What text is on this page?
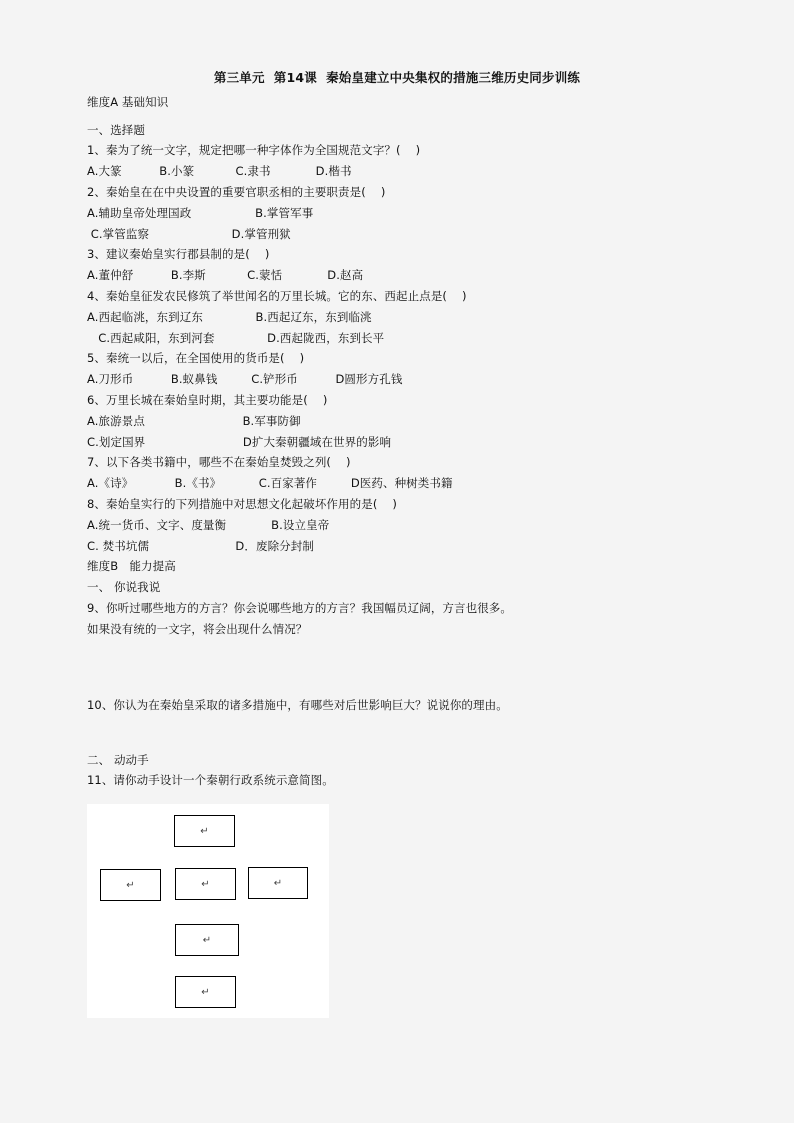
第三单元  第14课  秦始皇建立中央集权的措施三维历史同步训练
维度A 基础知识
一、选择题
1、秦为了统一文字，规定把哪一种字体作为全国规范文字？(    )
A.大篆          B.小篆           C.隶书            D.楷书
2、秦始皇在在中央设置的重要官职丞相的主要职责是(    )
A.辅助皇帝处理国政                 B.掌管军事
C.掌管监察                      D.掌管刑狱
3、建议秦始皇实行郡县制的是(    )
A.董仲舒          B.李斯           C.蒙恬            D.赵高
4、秦始皇征发农民修筑了举世闻名的万里长城。它的东、西起止点是(    )
A.西起临洮，东到辽东              B.西起辽东，东到临洮
C.西起咸阳，东到河套              D.西起陇西，东到长平
5、秦统一以后，在全国使用的货币是(    )
A.刀形币          B.蚁鼻钱         C.铲形币          D圆形方孔钱
6、万里长城在秦始皇时期，其主要功能是(    )
A.旅游景点                          B.军事防御
C.划定国界                          D扩大秦朝疆域在世界的影响
7、以下各类书籍中，哪些不在秦始皇焚毁之列(    )
A.《诗》           B.《书》          C.百家著作         D医药、种树类书籍
8、秦始皇实行的下列措施中对思想文化起破坏作用的是(    )
A.统一货币、文字、度量衡            B.设立皇帝
C. 焚书坑儒                       D．废除分封制
维度B   能力提高
一、 你说我说
9、你听过哪些地方的方言？你会说哪些地方的方言？我国幅员辽阔，方言也很多。
如果没有统的一文字，将会出现什么情况？
10、你认为在秦始皇采取的诸多措施中，有哪些对后世影响巨大？说说你的理由。
二、 动动手
11、请你动手设计一个秦朝行政系统示意简图。
↵
↵	↵	↵
↵
↵
